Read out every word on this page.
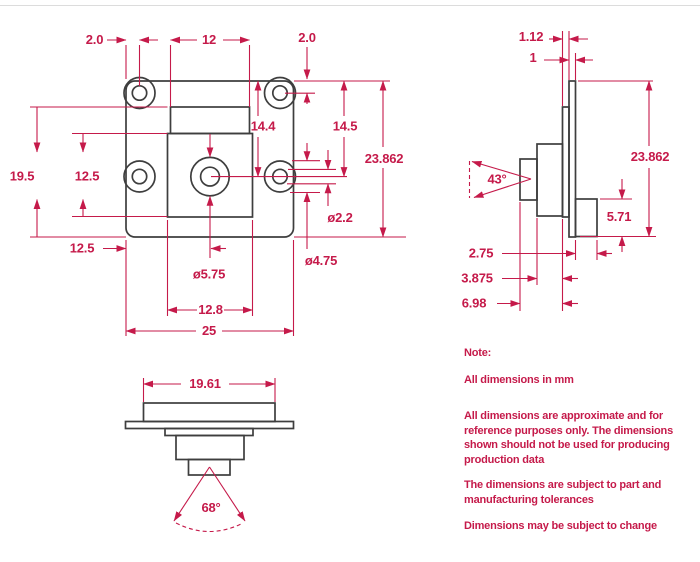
2.0	12	2.0
14.4	14.5
23.862
ø4.75
ø2.2
19.5	12.5
ø5.75
12.5
12.8
25
1.12
1
23.862
5.71
2.75
3.875
6.98
43°
19.61
68°
Note:
All dimensions in mm
All dimensions are approximate and for
reference purposes only. The dimensions
shown should not be used for producing
production data
The dimensions are subject to part and
manufacturing tolerances
Dimensions may be subject to change
